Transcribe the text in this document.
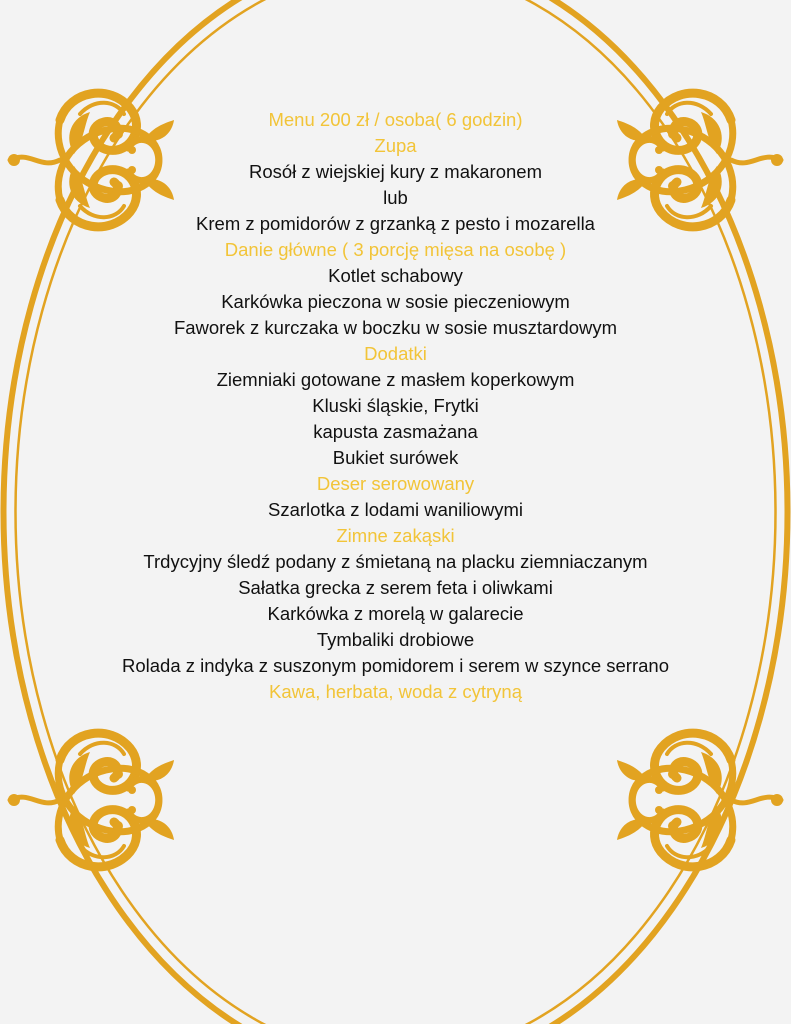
Menu 200 zł / osoba( 6 godzin)
Zupa
Rosół z wiejskiej kury z makaronem
lub
Krem z pomidorów z grzanką z pesto i mozarella
Danie główne ( 3 porcję mięsa na osobę )
Kotlet schabowy
Karkówka pieczona w sosie pieczeniowym
Faworek z kurczaka w boczku w sosie musztardowym
Dodatki
Ziemniaki gotowane z masłem koperkowym
Kluski śląskie, Frytki
kapusta zasmażana
Bukiet surówek
Deser serowowany
Szarlotka z lodami waniliowymi
Zimne zakąski
Trdycyjny śledź podany z śmietaną na placku ziemniaczanym
Sałatka grecka z serem feta i oliwkami
Karkówka z morelą w galarecie
Tymbaliki drobiowe
Rolada z indyka z suszonym pomidorem i serem w szynce serrano
Kawa, herbata, woda z cytryną
